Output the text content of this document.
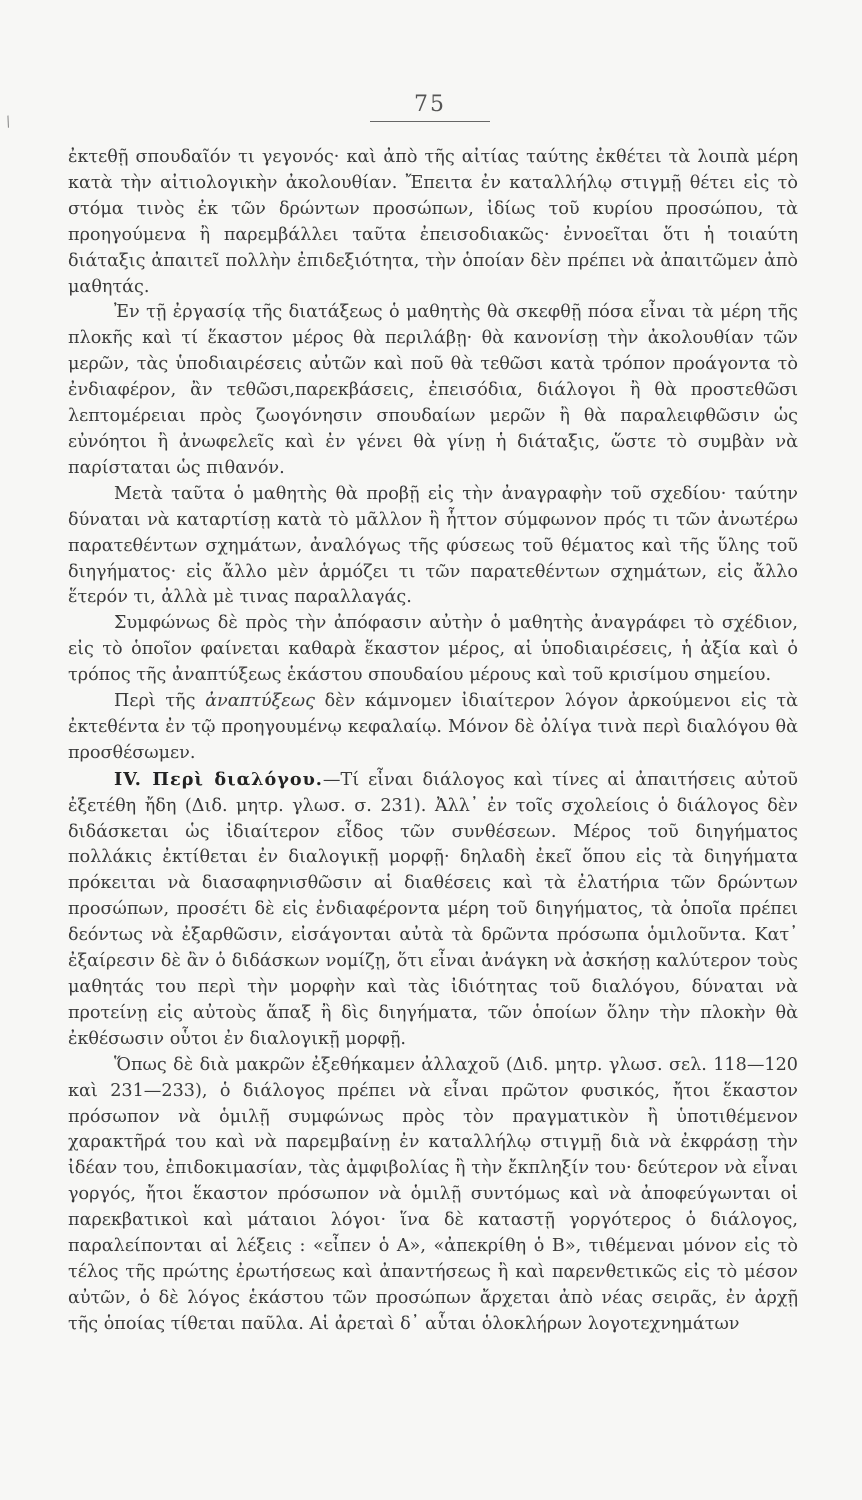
75
/

ἐκτεθῇ σπουδαῖόν τι γεγονός· καὶ ἀπὸ τῆς αἰτίας ταύτης ἐκθέτει τὰ λοιπὰ μέρη κατὰ τὴν αἰτιολογικὴν ἀκολουθίαν. Ἔπειτα ἐν καταλλήλῳ στιγμῇ θέτει εἰς τὸ στόμα τινὸς ἐκ τῶν δρώντων προσώπων, ἰδίως τοῦ κυρίου προσώπου, τὰ προηγούμενα ἢ παρεμβάλλει ταῦτα ἐπεισοδιακῶς· ἐννοεῖται ὅτι ἡ τοιαύτη διάταξις ἀπαιτεῖ πολλὴν ἐπιδεξιότητα, τὴν ὁποίαν δὲν πρέπει νὰ ἀπαιτῶμεν ἀπὸ μαθητάς.

Ἐν τῇ ἐργασίᾳ τῆς διατάξεως ὁ μαθητὴς θὰ σκεφθῇ πόσα εἶναι τὰ μέρη τῆς πλοκῆς καὶ τί ἕκαστον μέρος θὰ περιλάβῃ· θὰ κανονίσῃ τὴν ἀκολουθίαν τῶν μερῶν, τὰς ὑποδιαιρέσεις αὐτῶν καὶ ποῦ θὰ τεθῶσι κατὰ τρόπον προάγοντα τὸ ἐνδιαφέρον, ἂν τεθῶσι,παρεκβάσεις, ἐπεισόδια, διάλογοι ἢ θὰ προστεθῶσι λεπτομέρειαι πρὸς ζωογόνησιν σπουδαίων μερῶν ἢ θὰ παραλειφθῶσιν ὡς εὐνόητοι ἢ ἀνωφελεῖς καὶ ἐν γένει θὰ γίνῃ ἡ διάταξις, ὥστε τὸ συμβὰν νὰ παρίσταται ὡς πιθανόν.

Μετὰ ταῦτα ὁ μαθητὴς θὰ προβῇ εἰς τὴν ἀναγραφὴν τοῦ σχεδίου· ταύτην δύναται νὰ καταρτίσῃ κατὰ τὸ μᾶλλον ἢ ἧττον σύμφωνον πρός τι τῶν ἀνωτέρω παρατεθέντων σχημάτων, ἀναλόγως τῆς φύσεως τοῦ θέματος καὶ τῆς ὕλης τοῦ διηγήματος· εἰς ἄλλο μὲν ἁρμόζει τι τῶν παρατεθέντων σχημάτων, εἰς ἄλλο ἕτερόν τι, ἀλλὰ μὲ τινας παραλλαγάς.

Συμφώνως δὲ πρὸς τὴν ἀπόφασιν αὐτὴν ὁ μαθητὴς ἀναγράφει τὸ σχέδιον, εἰς τὸ ὁποῖον φαίνεται καθαρὰ ἕκαστον μέρος, αἱ ὑποδιαιρέσεις, ἡ ἀξία καὶ ὁ τρόπος τῆς ἀναπτύξεως ἑκάστου σπουδαίου μέρους καὶ τοῦ κρισίμου σημείου.

Περὶ τῆς ἀναπτύξεως δὲν κάμνομεν ἰδιαίτερον λόγον ἀρκούμενοι εἰς τὰ ἐκτεθέντα ἐν τῷ προηγουμένῳ κεφαλαίῳ. Μόνον δὲ ὀλίγα τινὰ περὶ διαλόγου θὰ προσθέσωμεν.

IV. Περὶ διαλόγου.—Τί εἶναι διάλογος καὶ τίνες αἱ ἀπαιτήσεις αὐτοῦ ἐξετέθη ἤδη (Διδ. μητρ. γλωσ. σ. 231). Ἀλλ᾽ ἐν τοῖς σχολείοις ὁ διάλογος δὲν διδάσκεται ὡς ἰδιαίτερον εἶδος τῶν συνθέσεων. Μέρος τοῦ διηγήματος πολλάκις ἐκτίθεται ἐν διαλογικῇ μορφῇ· δηλαδὴ ἐκεῖ ὅπου εἰς τὰ διηγήματα πρόκειται νὰ διασαφηνισθῶσιν αἱ διαθέσεις καὶ τὰ ἐλατήρια τῶν δρώντων προσώπων, προσέτι δὲ εἰς ἐνδιαφέροντα μέρη τοῦ διηγήματος, τὰ ὁποῖα πρέπει δεόντως νὰ ἐξαρθῶσιν, εἰσάγονται αὐτὰ τὰ δρῶντα πρόσωπα ὁμιλοῦντα. Κατ᾽ ἐξαίρεσιν δὲ ἂν ὁ διδάσκων νομίζῃ, ὅτι εἶναι ἀνάγκη νὰ ἀσκήσῃ καλύτερον τοὺς μαθητάς του περὶ τὴν μορφὴν καὶ τὰς ἰδιότητας τοῦ διαλόγου, δύναται νὰ προτείνῃ εἰς αὐτοὺς ἅπαξ ἢ δὶς διηγήματα, τῶν ὁποίων ὅλην τὴν πλοκὴν θὰ ἐκθέσωσιν οὗτοι ἐν διαλογικῇ μορφῇ.

Ὅπως δὲ διὰ μακρῶν ἐξεθήκαμεν ἀλλαχοῦ (Διδ. μητρ. γλωσ. σελ. 118—120 καὶ 231—233), ὁ διάλογος πρέπει νὰ εἶναι πρῶτον φυσικός, ἤτοι ἕκαστον πρόσωπον νὰ ὁμιλῇ συμφώνως πρὸς τὸν πραγματικὸν ἢ ὑποτιθέμενον χαρακτῆρά του καὶ νὰ παρεμβαίνῃ ἐν καταλλήλῳ στιγμῇ διὰ νὰ ἐκφράσῃ τὴν ἰδέαν του, ἐπιδοκιμασίαν, τὰς ἀμφιβολίας ἢ τὴν ἔκπληξίν του· δεύτερον νὰ εἶναι γοργός, ἤτοι ἕκαστον πρόσωπον νὰ ὁμιλῇ συντόμως καὶ νὰ ἀποφεύγωνται οἱ παρεκβατικοὶ καὶ μάταιοι λόγοι· ἵνα δὲ καταστῇ γοργότερος ὁ διάλογος, παραλείπονται αἱ λέξεις : «εἶπεν ὁ Α», «ἀπεκρίθη ὁ Β», τιθέμεναι μόνον εἰς τὸ τέλος τῆς πρώτης ἐρωτήσεως καὶ ἀπαντήσεως ἢ καὶ παρενθετικῶς εἰς τὸ μέσον αὐτῶν, ὁ δὲ λόγος ἑκάστου τῶν προσώπων ἄρχεται ἀπὸ νέας σειρᾶς, ἐν ἀρχῇ τῆς ὁποίας τίθεται παῦλα. Αἱ ἀρεταὶ δ᾽ αὗται ὁλοκλήρων λογοτεχνημάτων
